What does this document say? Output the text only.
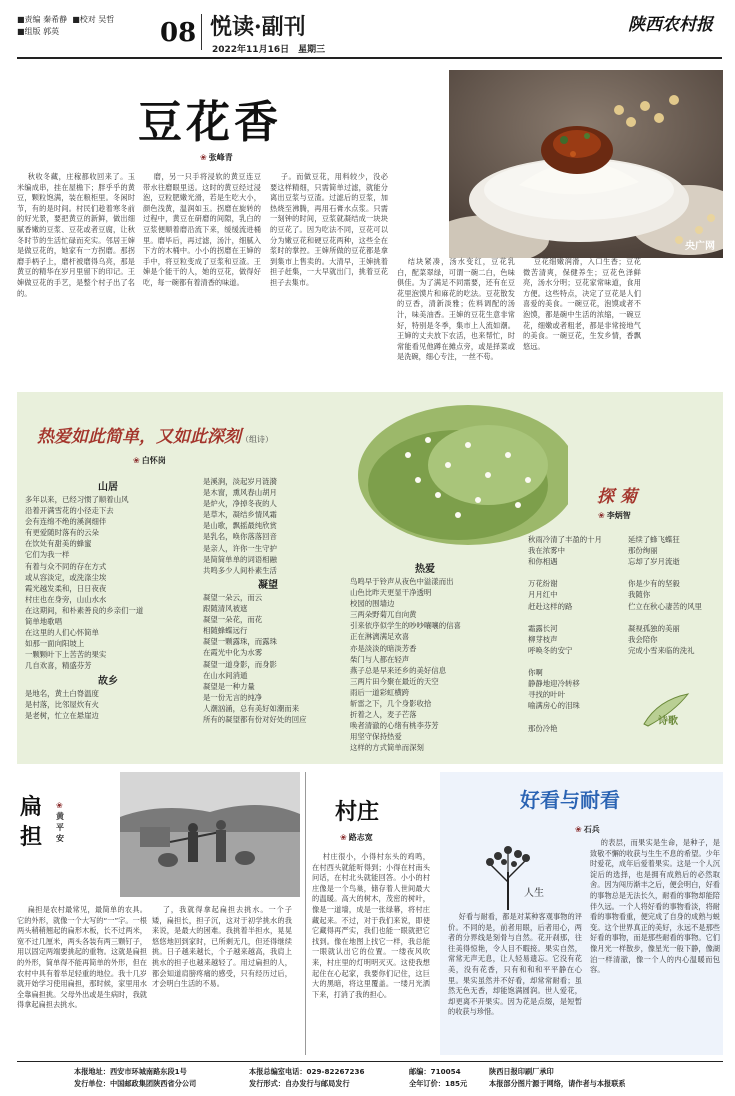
■责编 秦希静 ■校对 吴哲
■组版 郭英	08 悦读·副刊
2022年11月16日　星期三
陕西农村报
豆花香
❀ 张峰青
央广网
秋收冬藏，庄稼都收回来了。玉米编成串，挂在屋檐下；胖乎乎的黄豆，颗粒饱满，装在粮柜里。冬闲时节，有的是时间。村民们趁着寒冬前的好光景，要把黄豆的新鲜，做出细腻香嫩的豆浆、豆花或者豆腐，让秋冬时节的生活忙碌而充实。邻居王婶是做豆花的，她家有一方拐磨。那拐磨手柄子上，磨杆被磨得乌亮，那是黄豆的精华在岁月里留下的印记。王婶做豆花的手艺，是整个村子出了名的。
磨，另一只手将浸软的黄豆连豆带水往磨眼里送。这时的黄豆经过浸泡，豆粒肥嫩光滑，若是生吃大小，颜色浅黄，温润如玉。拐磨在旋转的过程中，黄豆在研磨的间隙，乳白的豆浆便顺着磨沿流下来，缓缓流进桶里。磨毕后，再过滤，汤汁，细腻入下方的木桶中。小小的拐磨在王婶的手中，将豆粒变成了豆浆和豆渣。王婶是个能干的人，她的豆花，做得好吃，每一碗都有着清香的味道。
子。而做豆花，用料较少，没必要这样精细，只需简单过滤，就能分离出豆浆与豆渣。过滤后的豆浆，加热烧至沸腾，再用石膏水点浆。只需一刻钟的时间，豆浆就凝结成一块块的豆花了。因为吃法不同，豆花可以分为嫩豆花和硬豆花两种，这些全在浆时的掌控。王婶所做的豆花都是拿到集市上售卖的。大清早，王婶挑着担子赶集，一大早就出门，挑着豆花担子去集市。
结块紧凑，汤水变红，豆花乳白，配菜翠绿，可谓一碗二白，色味俱佳。为了满足不同需要，还有在豆花里泡馍片和麻花的吃法。豆花散发的豆香，清新淡雅；佐料调配的汤汁，味美油香。王婶的豆花生意非常好，特别是冬季，集市上人流如潮。王婶的丈夫放下农活，也来帮忙，时常能看见他蹲在摊点旁，或是择菜或是洗碗，细心专注，一丝不苟。
豆花细嫩润滑，入口生香；豆花微苦清爽，保健养生；豆花色泽鲜亮，汤水分明；豆花家常味道，食用方便。这些特点，决定了豆花是人们喜爱的美食。一碗豆花，泡馍或者不泡馍，都是碗中生活的浓缩，一碗豆花，细嫩或者粗老，都是非常接地气的美食。一碗豆花，生发乡情，香飘悠远。
热爱如此简单，又如此深刻（组诗）
❀ 白怀岗
山居
多年以来，已经习惯了顺着山风
沿着开满雪花的小径走下去
会有连绵不绝的溪涧细伴
有更爱随时落有的云朵
在饮处有甜美的蜂蜜
它们为我一样
有着与众不同的存在方式
或从容淡定，或洗涤尘埃
霞光越发柔和，日日夜夜
村庄也在身旁，山山水水
在这期间，和朴素善良的乡亲们一道
简单地歌唱
在这里的人们心怀简单
如那一面向阳坡上
一颗颗叶下上苦苦的果实
几自欢喜，精盛芬芳
故乡
是地名，黄土白脊温度
是村落，比邻屋炊有火
是老树，忙立在悬崖边
是溪涧，淡起岁月涟漪
是木窗，熏风春山胡月
是炉火，净掉冬夜的人
是草木，凝结乡情风霜
是山歌，飘摇最纯欣赏
是乳名，唤你落落回音
是亲人，许你一生守护
是简简单单的词语相融
共鸣多少人间朴素生活
凝望
凝望一朵云，而云
跟随清风被遮
凝望一朵花，而花
相随蜂蝶远行
凝望一颗露珠，而露珠
在霞光中化为水雾
凝望一道身影，而身影
在山水间消遁
凝望是一种力量
是一份无言的纯净
人潮汹涌，总有美好如潮而来
所有的凝望都有份对好处的回应
热爱
鸟鸣早于铃声从夜色中溢漾而出
山色比昨天更显干净透明
校园的围墙边
三两朵野菊兀自向黄
引来依序似学生的吵吵嚷嚷的信喜
正在淋漓满足欢喜
亦是淡淡的暗淡芳香
柴门与人都在轻声
燕子总是早来还乡的美好信息
三两片田今聚在最近的天空
雨后一道彩虹横跨
斩雷之下，几个身影收拾
折着之人，麦子芒落
唤者清澈的心绪有桃李芬芳
用坚守保持热爱
这样的方式简单而深刻
探菊
❀ 李炳智
秋雨冷清了丰盈的十月
我在浓雾中
和你相遇

万花纷谢
月月红中
赶赴这样的路

霜露长河
柳芽枝声
呼唤冬的安宁

你啊
静静地迎冷转移
寻找的叶叶
喻满房心的泪珠

那份冷艳
延续了蜂飞蝶狂
那份绚丽
忘却了岁月流逝

你是少有的坚毅
我随你
伫立在秋心凄苦的风里

凝视孤独的美丽
我会陪你
完成小雪来临的洗礼
诗歌
扁担
❀
黄平安
扁担是农村最常见，最简单的农具。它的外形，就像一个大写的“一”字。一根两头稍稍翘起的扁形木板，长不过两米，宽不过几厘米，两头各装有两三颗钉子，用以固定两端要挑起的重物。这就是扁担的外形，简单得不能再简单的外形，但在农村中具有着举足轻重的地位。我十几岁就开始学习使用扁担，那时候，家里用水全靠扁担挑。父母外出或是生病时，我就得拿起扁担去挑水。
了，我就得拿起扁担去挑水。一个子矮，扁担长，担子沉，这对于初学挑水的我来说，是最大的困难。我挑着半担水，晃晃悠悠地回到家时，已所剩无几，但还得继续挑。日子越来越长，个子越来越高，我肩上挑水的担子也越来越轻了。用过扁担的人，都会知道肩膀疼痛的感受，只有经历过后，才会明白生活的不易。
村庄
❀ 路志宽
村庄很小，小得村东头的鸡鸣，在村西头就能听得到；小得在村南头问话，在村北头就能回答。小小的村庄像是一个鸟巢，储存着人世间最大的温暖。高大的树木，茂密的树叶，像是一道墙，成是一张绿幕，将村庄藏起来。不过，对于我们来说，即使它藏得再严实，我们也能一眼就把它找到。像在地图上找它一样，我总能一眼就认出它的位置。一缕夜风吹来，村庄里的灯明明灭灭。这使我想起住在心起家，我要你们记住，这巨大的黑暗，将这里覆盖。一缕月光洒下来，打消了我的担心。
好看与耐看
❀ 石兵
人生
好看与耐看，都是对某种客观事物的评价。不同的是，前者用眼，后者用心，两者的分界线是刻骨与自然。花开刹那，往往美得惊艳，令人目不暇接。果实自然，常常无声无息，让人轻易遗忘。它没有花美，没有花香，只有和和和平平静在心里。果实虽然并不好看，却常常耐看；虽然无色无香，却能饱满圆润。世人爱花，却更离不开果实。因为花是点缀，是短暂的收获与珍惜。
的表层，而果实是生命，是种子，是致敬不懈的收获与生生不息的希望。少年时爱花，成年后爱着果实。这是一个人沉淀后的选择，也是拥有成熟后的必然取舍。因为闯历渐丰之后，便会明白，好看的事物总是无法长久，耐看的事物却能陪伴久远。一个人将好看的事物看淡，将耐看的事物看重，便完成了自身的成熟与蜕变。这个世界真正的美好，永远不是那些好看的事物，而是那些耐看的事物。它们像月光一样散步，像星光一般下静，像湖泊一样清澈，像一个人的内心温暖而包容。
本报地址：西安市环城南路东段1号	本报总编室电话：029-82267236	邮编：710054	陕西日报印刷厂承印
发行单位：中国邮政集团陕西省分公司	发行形式：自办发行与邮局发行	全年订价：185元	本报部分图片源于网络，请作者与本报联系
